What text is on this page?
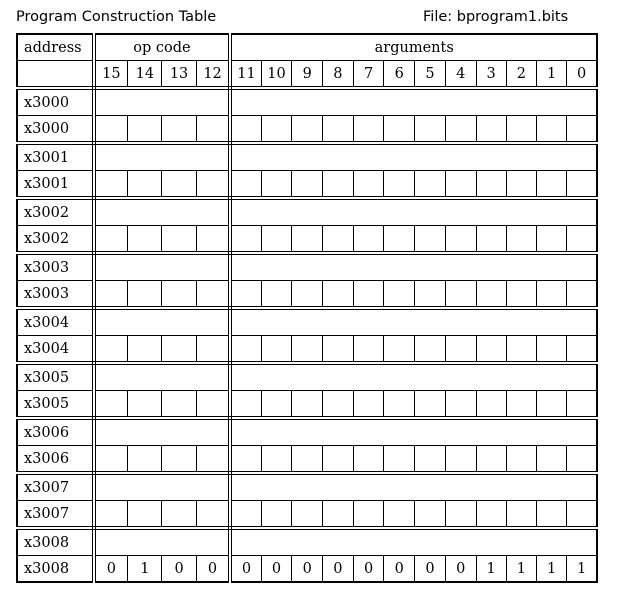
Program Construction Table	File: bprogram1.bits
address	op code				arguments											
	15	14	13	12	11	10	9	8	7	6	5	4	3	2	1	0
x3000																
x3000																
x3001																
x3001																
x3002																
x3002																
x3003																
x3003																
x3004																
x3004																
x3005																
x3005																
x3006																
x3006																
x3007																
x3007																
x3008																
x3008	0	1	0	0	0	0	0	0	0	0	0	0	1	1	1	1
